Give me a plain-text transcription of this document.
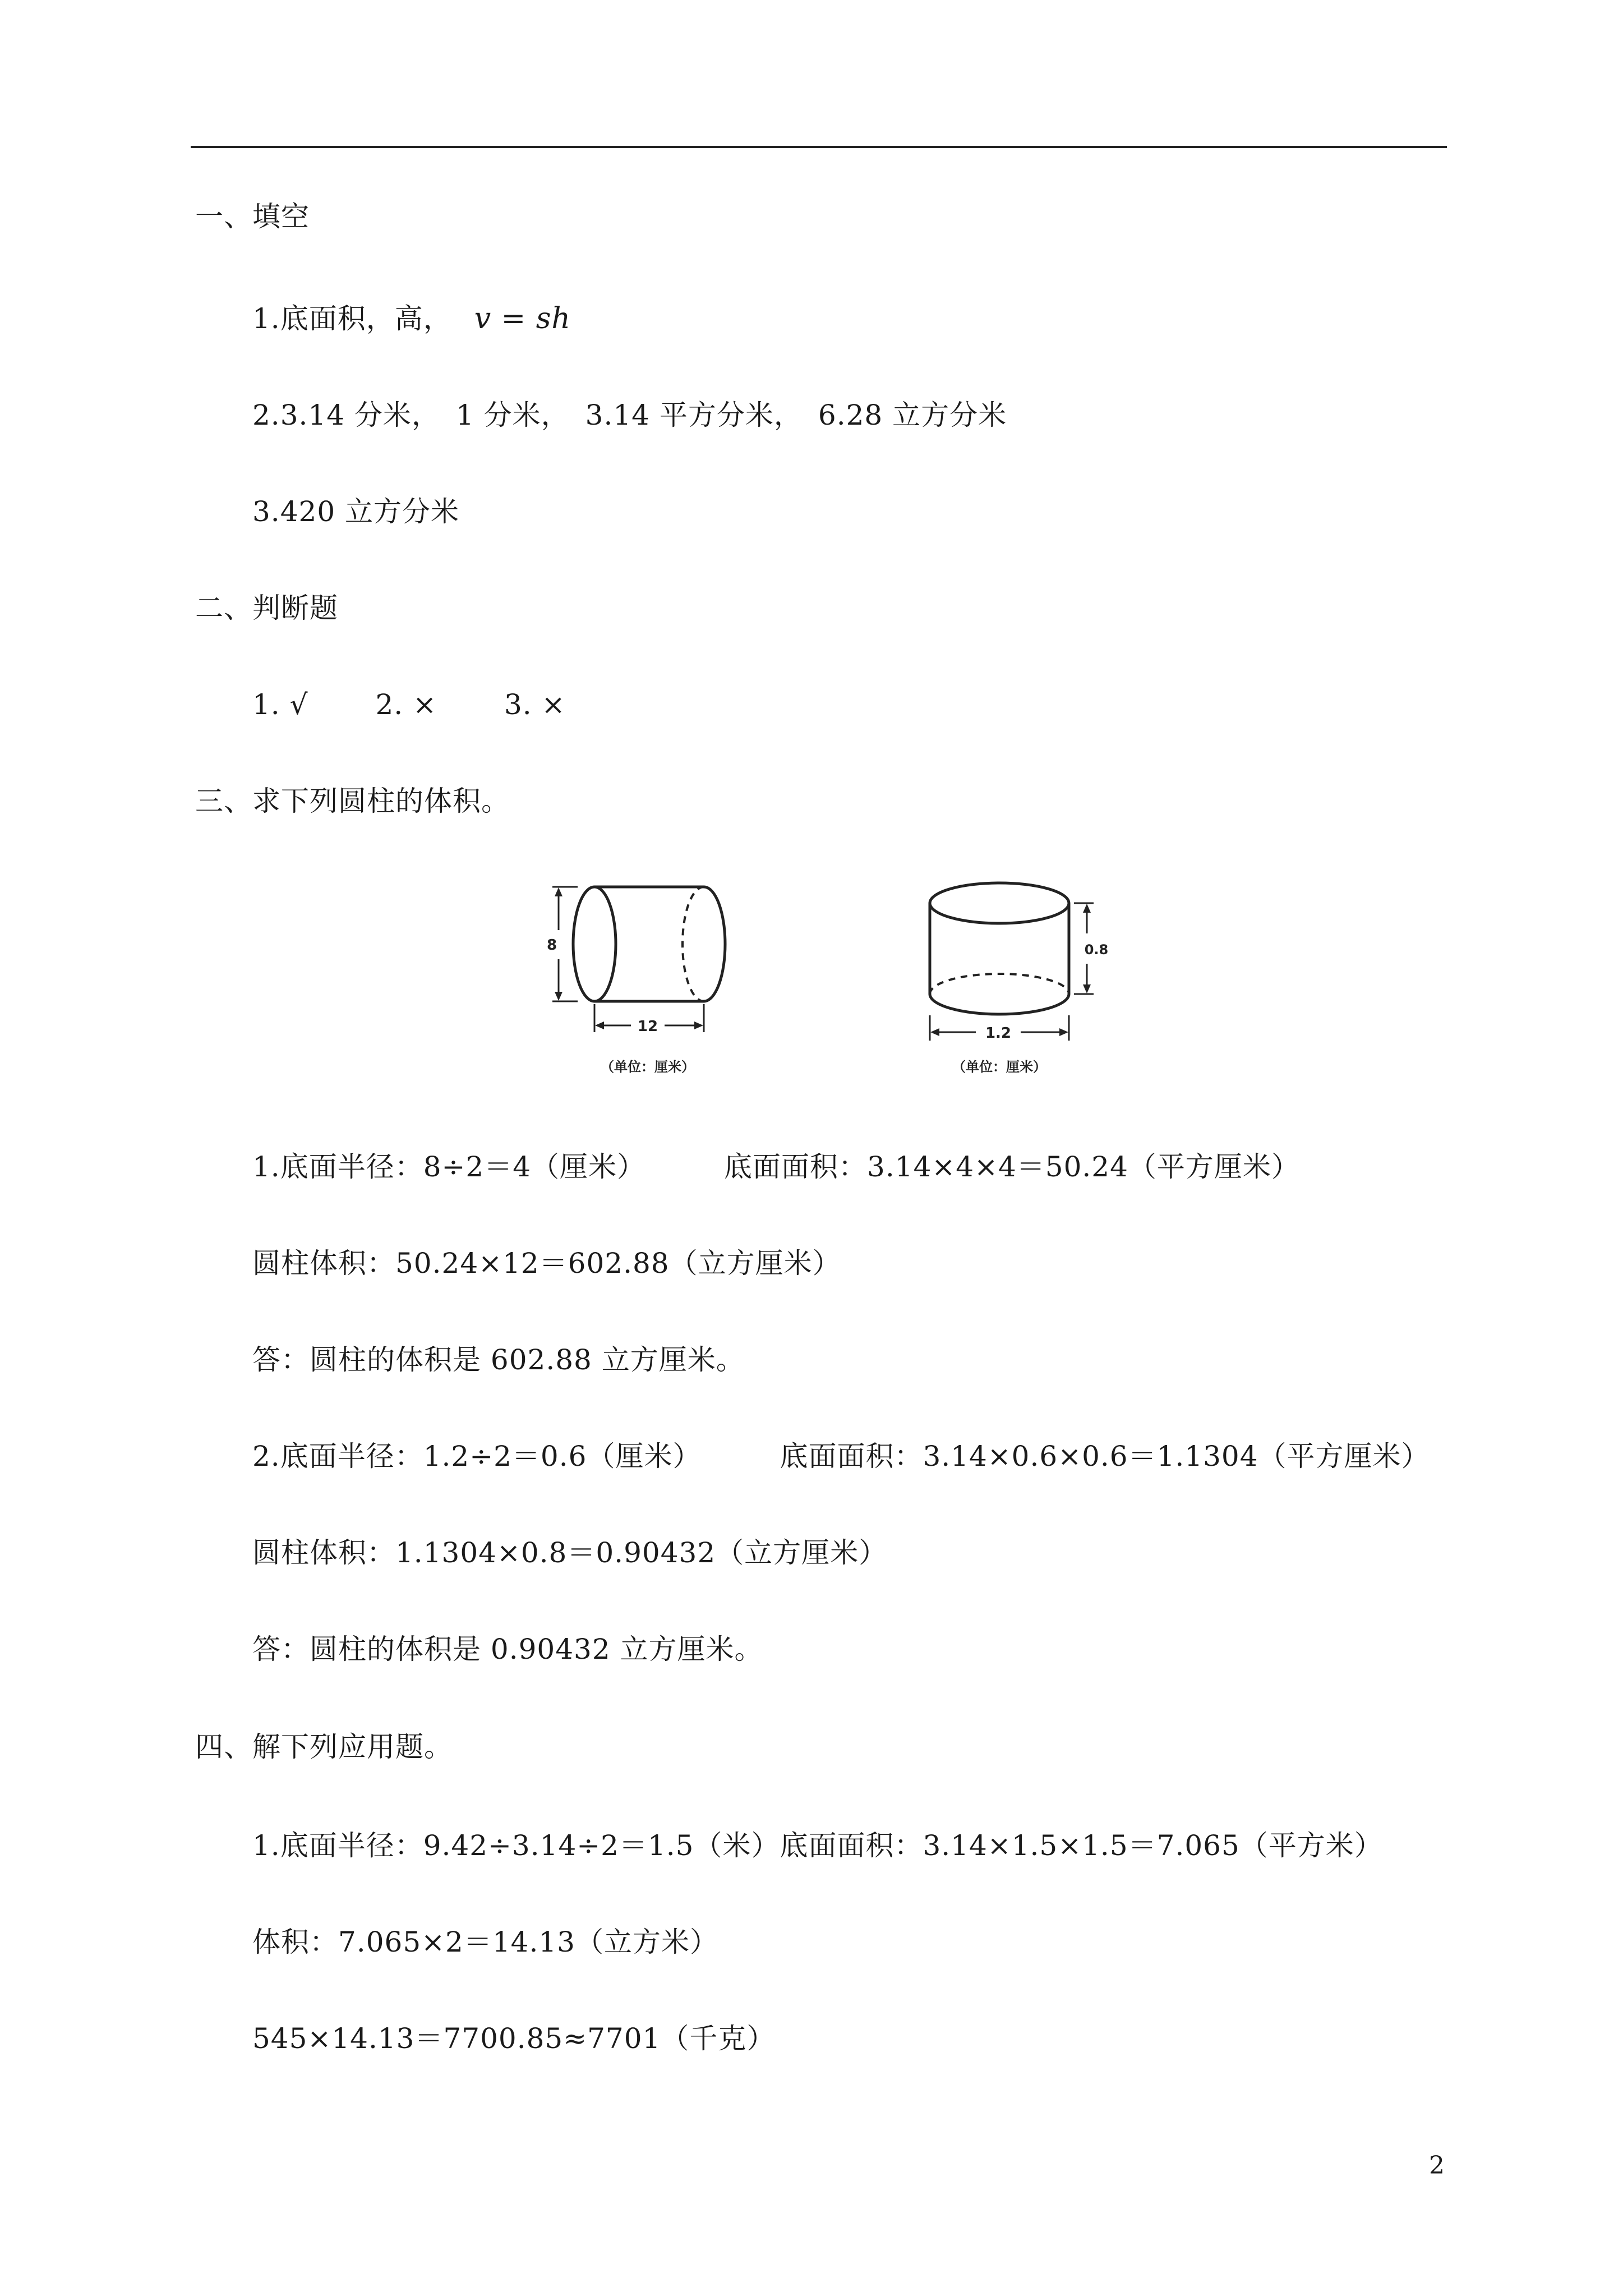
一、填空
1.底面积，高， v = sh
2.3.14 分米， 1 分米， 3.14 平方分米， 6.28 立方分米
3.420 立方分米
二、判断题
1. √ 2. × 3. ×
三、求下列圆柱的体积。
8
12
（单位：厘米）
0.8
1.2
（单位：厘米）
1.底面半径：8÷2＝4（厘米）	底面面积：3.14×4×4＝50.24（平方厘米）
圆柱体积：50.24×12＝602.88（立方厘米）
答：圆柱的体积是 602.88 立方厘米。
2.底面半径：1.2÷2＝0.6（厘米）	底面面积：3.14×0.6×0.6＝1.1304（平方厘米）
圆柱体积：1.1304×0.8＝0.90432（立方厘米）
答：圆柱的体积是 0.90432 立方厘米。
四、解下列应用题。
1.底面半径：9.42÷3.14÷2＝1.5（米）底面面积：3.14×1.5×1.5＝7.065（平方米）
体积：7.065×2＝14.13（立方米）
545×14.13＝7700.85≈7701（千克）
2
